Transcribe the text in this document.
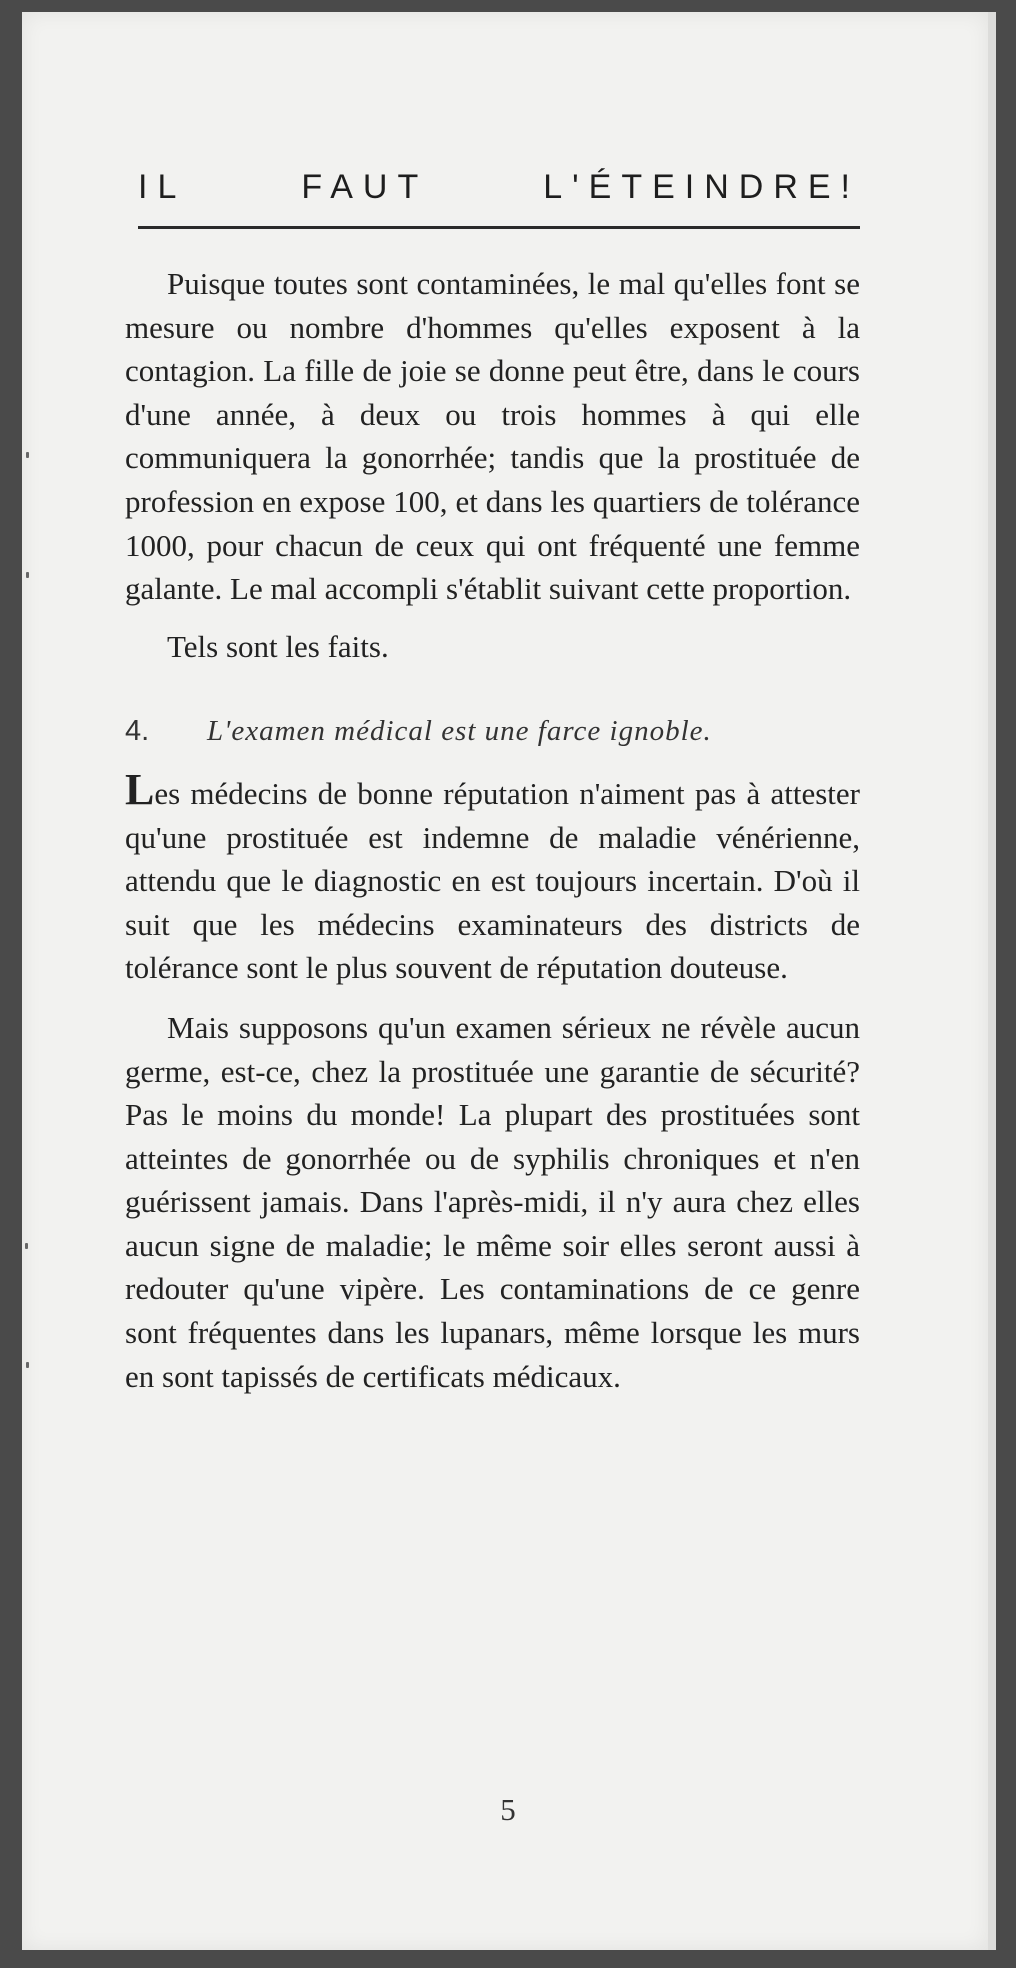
IL	FAUT	L'ÉTEINDRE!

Puisque toutes sont contaminées, le mal qu'elles font se mesure ou nombre d'hommes qu'elles exposent à la contagion. La fille de joie se donne peut être, dans le cours d'une année, à deux ou trois hommes à qui elle communiquera la gonorrhée; tandis que la prostituée de profession en expose 100, et dans les quartiers de tolérance 1000, pour chacun de ceux qui ont fréquenté une femme galante. Le mal accompli s'établit suivant cette proportion.

Tels sont les faits.

4.	L'examen médical est une farce ignoble.

Les médecins de bonne réputation n'aiment pas à attester qu'une prostituée est indemne de maladie vénérienne, attendu que le diagnostic en est toujours incertain. D'où il suit que les médecins examinateurs des districts de tolérance sont le plus souvent de réputation douteuse.

Mais supposons qu'un examen sérieux ne révèle aucun germe, est-ce, chez la prostituée une garantie de sécurité? Pas le moins du monde! La plupart des prostituées sont atteintes de gonorrhée ou de syphilis chroniques et n'en guérissent jamais. Dans l'après-midi, il n'y aura chez elles aucun signe de maladie; le même soir elles seront aussi à redouter qu'une vipère. Les contaminations de ce genre sont fréquentes dans les lupanars, même lorsque les murs en sont tapissés de certificats médicaux.

5
